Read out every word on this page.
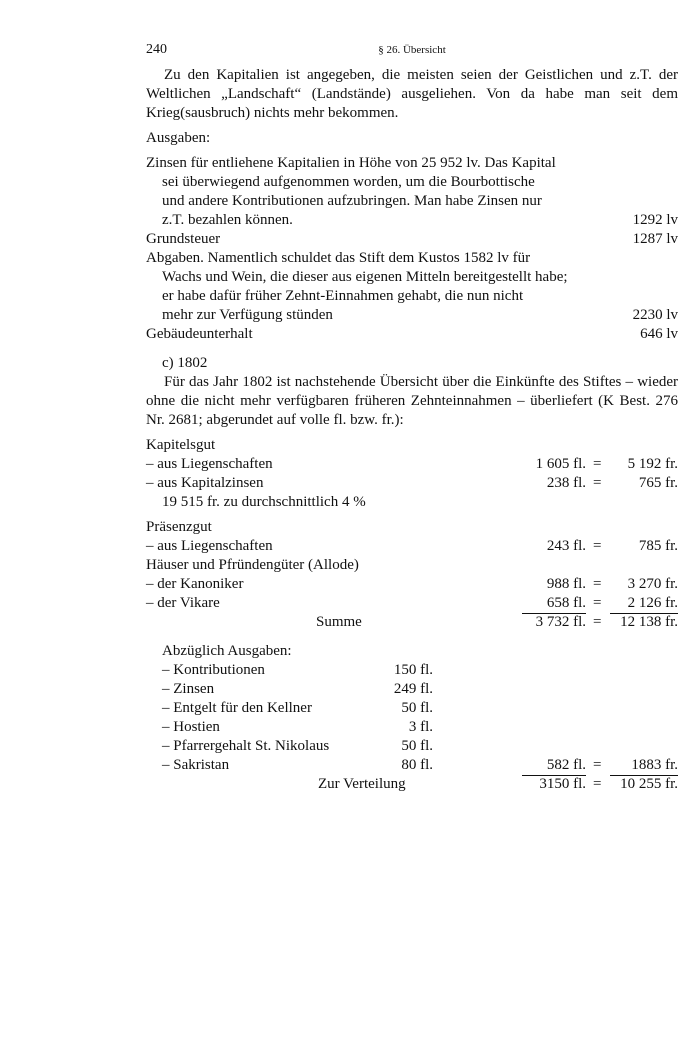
240	§ 26. Übersicht

Zu den Kapitalien ist angegeben, die meisten seien der Geistlichen und z.T. der Weltlichen „Landschaft“ (Landstände) ausgeliehen. Von da habe man seit dem Krieg(sausbruch) nichts mehr bekommen.

Ausgaben:
Zinsen für entliehene Kapitalien in Höhe von 25 952 lv. Das Kapital
sei überwiegend aufgenommen worden, um die Bourbottische
und andere Kontributionen aufzubringen. Man habe Zinsen nur
z.T. bezahlen können.	1292 lv
Grundsteuer	1287 lv
Abgaben. Namentlich schuldet das Stift dem Kustos 1582 lv für
Wachs und Wein, die dieser aus eigenen Mitteln bereitgestellt habe;
er habe dafür früher Zehnt-Einnahmen gehabt, die nun nicht
mehr zur Verfügung stünden	2230 lv
Gebäudeunterhalt	646 lv
c) 1802

Für das Jahr 1802 ist nachstehende Übersicht über die Einkünfte des Stiftes – wieder ohne die nicht mehr verfügbaren früheren Zehnteinnahmen – überliefert (K Best. 276 Nr. 2681; abgerundet auf volle fl. bzw. fr.):

Kapitelsgut
– aus Liegenschaften	1 605 fl. =	5 192 fr.
– aus Kapitalzinsen	238 fl. =	765 fr.
19 515 fr. zu durchschnittlich 4 %
Präsenzgut
– aus Liegenschaften	243 fl. =	785 fr.
Häuser und Pfründengüter (Allode)
– der Kanoniker	988 fl. =	3 270 fr.
– der Vikare	658 fl. =	2 126 fr.
Summe	3 732 fl. =	12 138 fr.
Abzüglich Ausgaben:
– Kontributionen	150 fl.
– Zinsen	249 fl.
– Entgelt für den Kellner	50 fl.
– Hostien	3 fl.
– Pfarrergehalt St. Nikolaus	50 fl.
– Sakristan	80 fl.	582 fl. =	1883 fr.
Zur Verteilung	3150 fl. =	10 255 fr.
